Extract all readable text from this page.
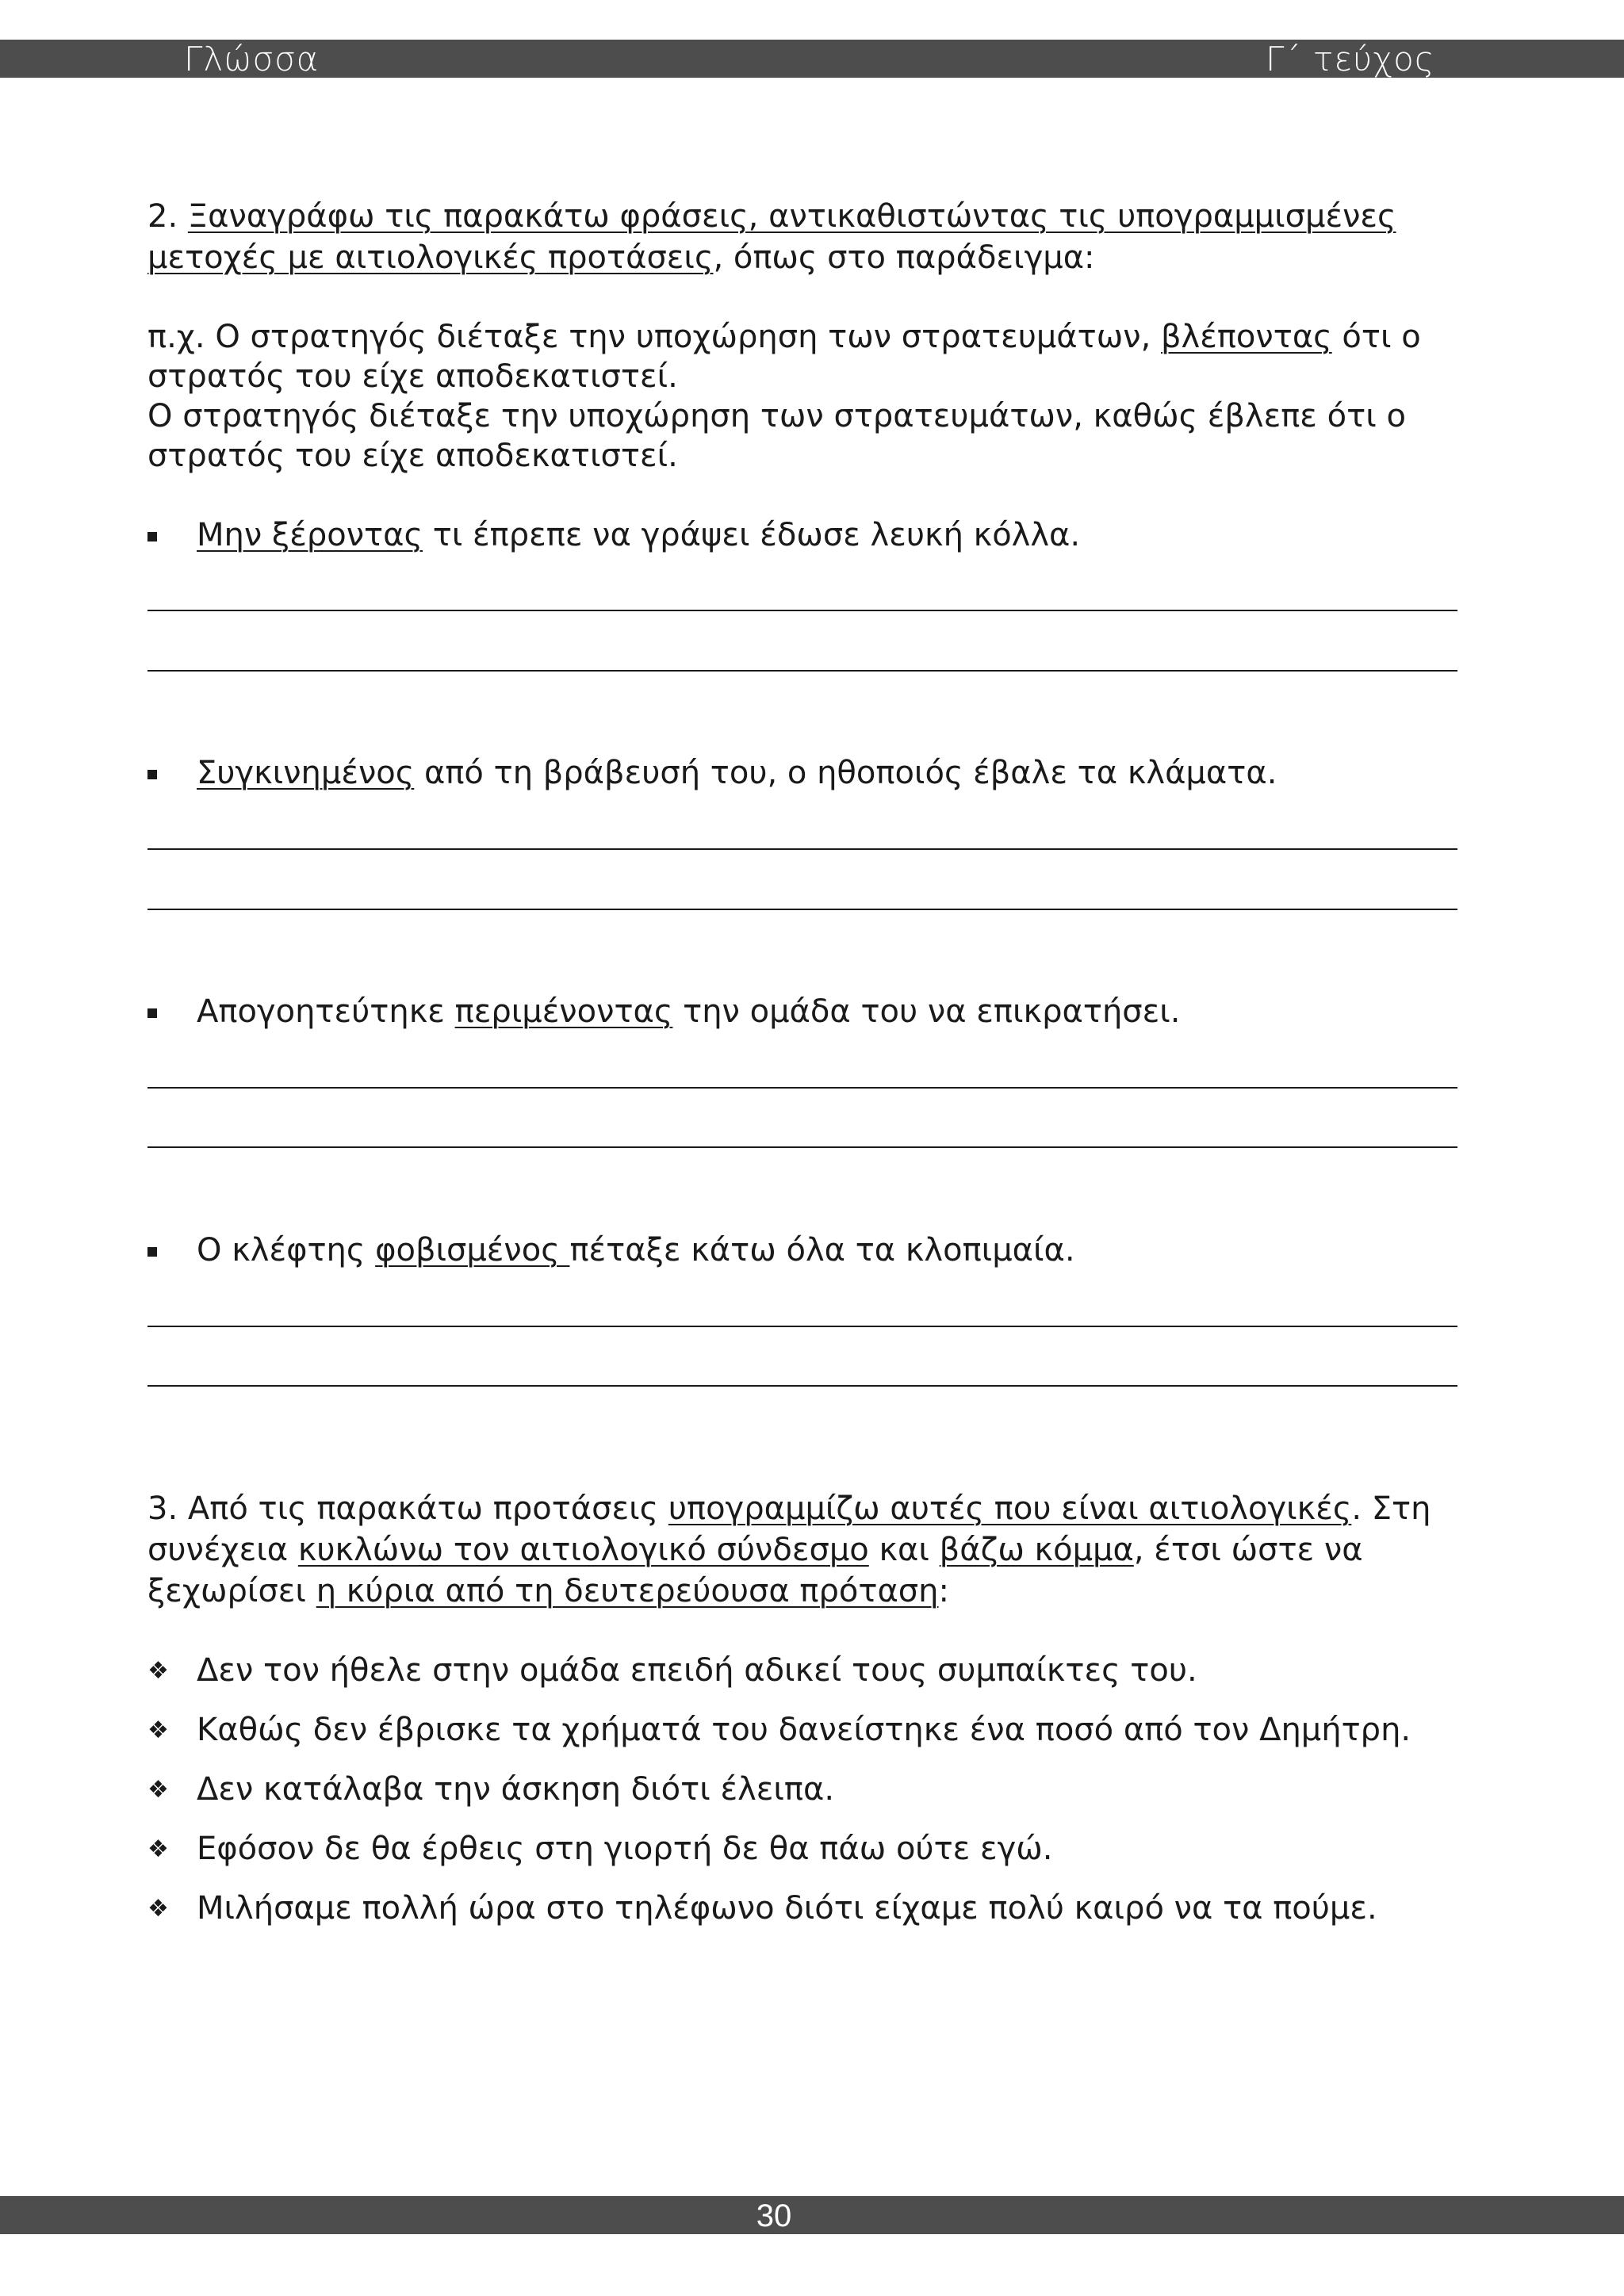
Γλώσσα	Γ΄ τεύχος
2. Ξαναγράφω τις παρακάτω φράσεις, αντικαθιστώντας τις υπογραμμισμένες
μετοχές με αιτιολογικές προτάσεις, όπως στο παράδειγμα:
π.χ. Ο στρατηγός διέταξε την υποχώρηση των στρατευμάτων, βλέποντας ότι ο
στρατός του είχε αποδεκατιστεί.
Ο στρατηγός διέταξε την υποχώρηση των στρατευμάτων, καθώς έβλεπε ότι ο
στρατός του είχε αποδεκατιστεί.
Μην ξέροντας τι έπρεπε να γράψει έδωσε λευκή κόλλα.
Συγκινημένος από τη βράβευσή του, ο ηθοποιός έβαλε τα κλάματα.
Απογοητεύτηκε περιμένοντας την ομάδα του να επικρατήσει.
Ο κλέφτης φοβισμένος πέταξε κάτω όλα τα κλοπιμαία.
3. Από τις παρακάτω προτάσεις υπογραμμίζω αυτές που είναι αιτιολογικές. Στη
συνέχεια κυκλώνω τον αιτιολογικό σύνδεσμο και βάζω κόμμα, έτσι ώστε να
ξεχωρίσει η κύρια από τη δευτερεύουσα πρόταση:
❖ Δεν τον ήθελε στην ομάδα επειδή αδικεί τους συμπαίκτες του.
❖ Καθώς δεν έβρισκε τα χρήματά του δανείστηκε ένα ποσό από τον Δημήτρη.
❖ Δεν κατάλαβα την άσκηση διότι έλειπα.
❖ Εφόσον δε θα έρθεις στη γιορτή δε θα πάω ούτε εγώ.
❖ Μιλήσαμε πολλή ώρα στο τηλέφωνο διότι είχαμε πολύ καιρό να τα πούμε.
30
